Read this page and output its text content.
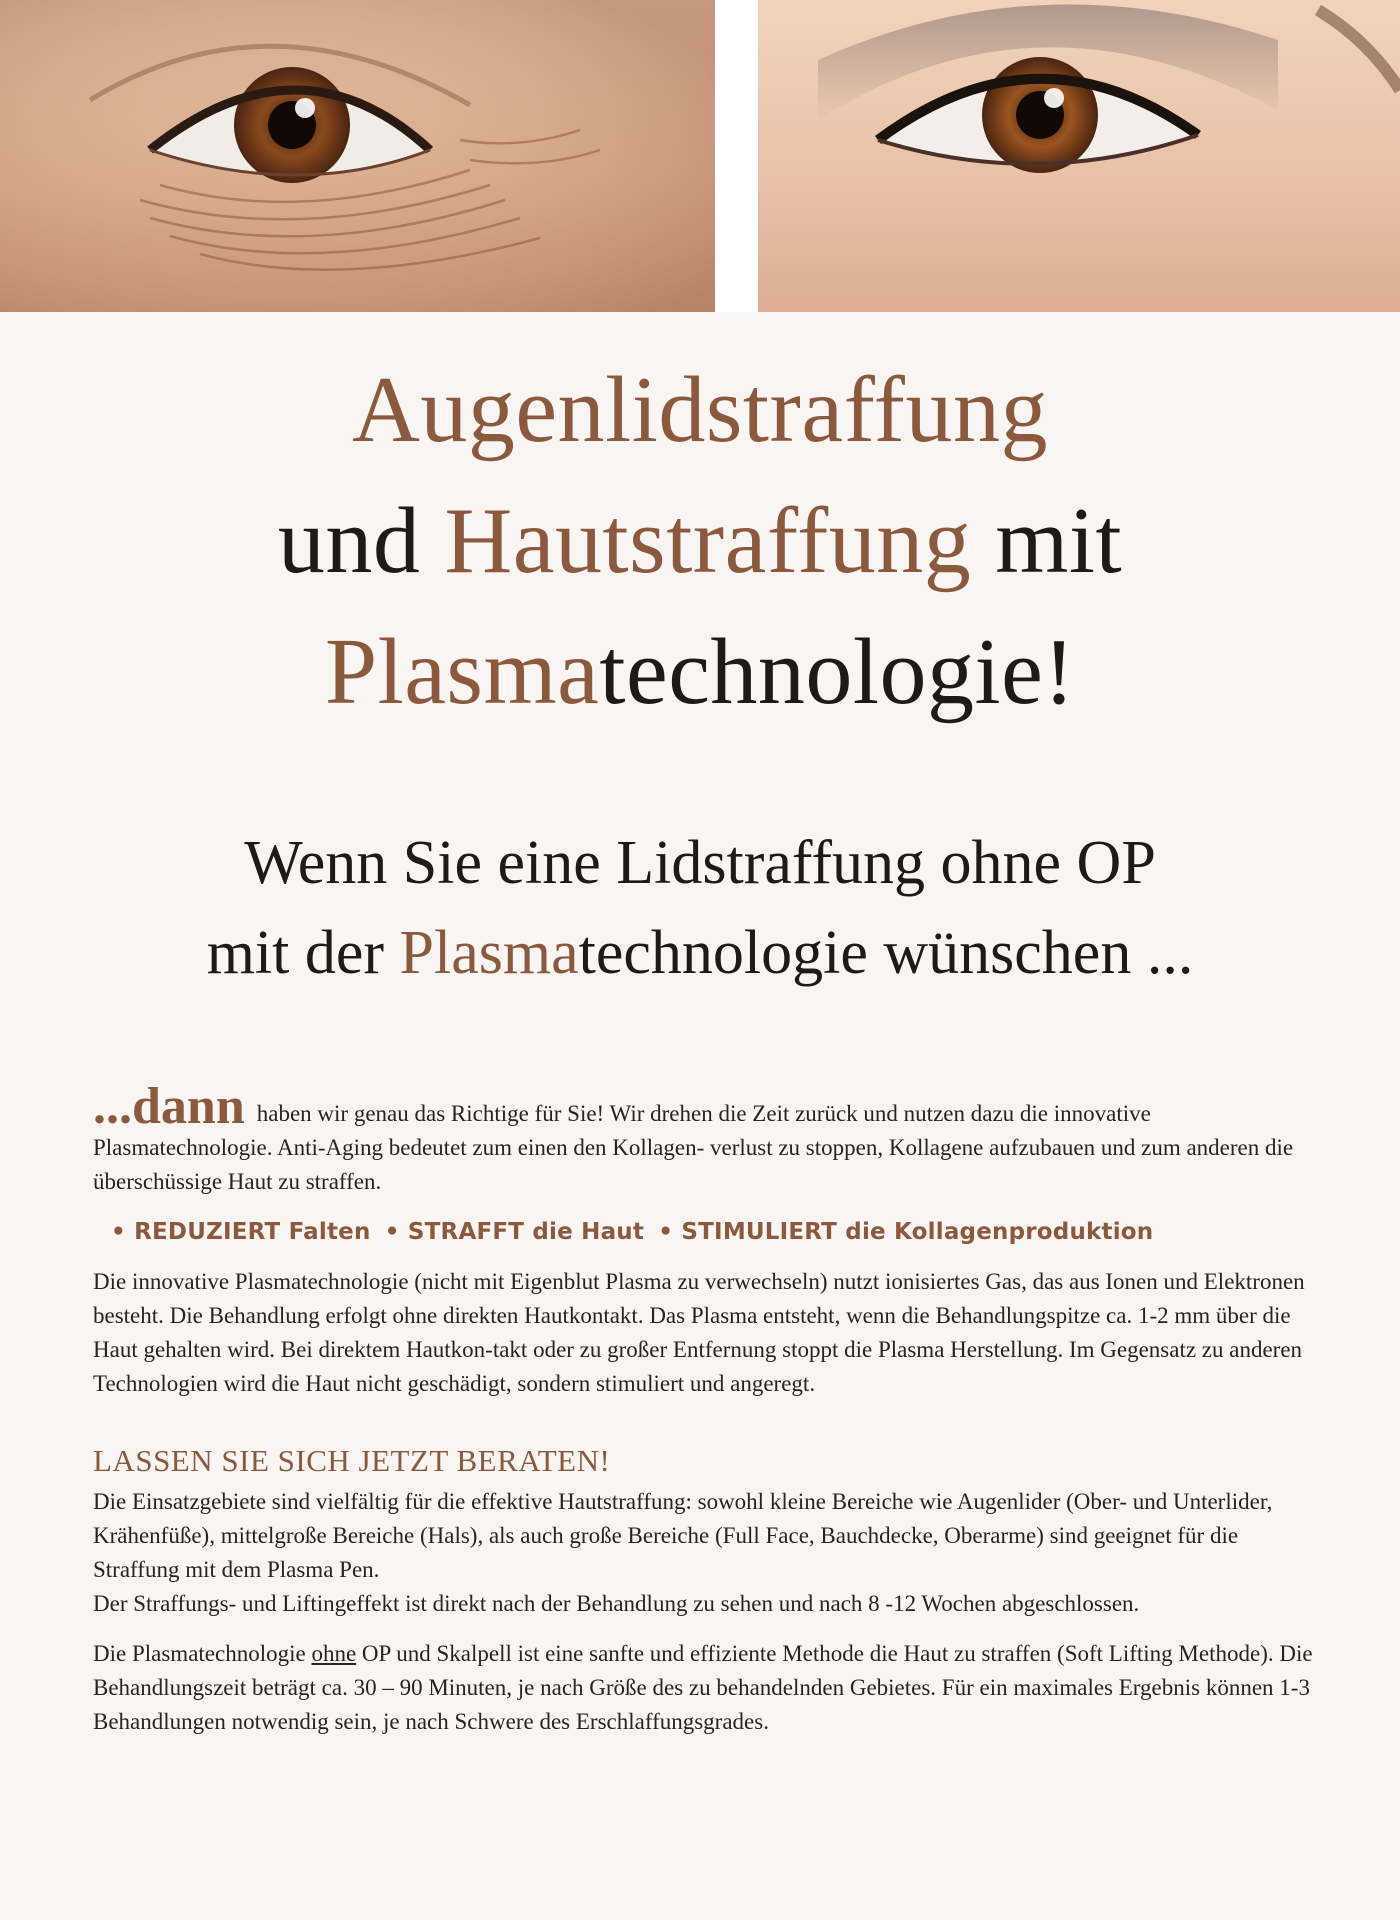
Augenlidstraffung
und Hautstraffung mit
Plasmatechnologie!
Wenn Sie eine Lidstraffung ohne OP
mit der Plasmatechnologie wünschen ...

...dann haben wir genau das Richtige für Sie! Wir drehen die Zeit zurück und nutzen dazu die innovative Plasmatechnologie. Anti-Aging bedeutet zum einen den Kollagen- verlust zu stoppen, Kollagene aufzubauen und zum anderen die überschüssige Haut zu straffen.

• REDUZIERT Falten • STRAFFT die Haut • STIMULIERT die Kollagenproduktion

Die innovative Plasmatechnologie (nicht mit Eigenblut Plasma zu verwechseln) nutzt ionisiertes Gas, das aus Ionen und Elektronen besteht. Die Behandlung erfolgt ohne direkten Hautkontakt. Das Plasma entsteht, wenn die Behandlungspitze ca. 1-2 mm über die Haut gehalten wird. Bei direktem Hautkon-takt oder zu großer Entfernung stoppt die Plasma Herstellung. Im Gegensatz zu anderen Technologien wird die Haut nicht geschädigt, sondern stimuliert und angeregt.

LASSEN SIE SICH JETZT BERATEN!

Die Einsatzgebiete sind vielfältig für die effektive Hautstraffung: sowohl kleine Bereiche wie Augenlider (Ober- und Unterlider, Krähenfüße), mittelgroße Bereiche (Hals), als auch große Bereiche (Full Face, Bauchdecke, Oberarme) sind geeignet für die Straffung mit dem Plasma Pen.

Der Straffungs- und Liftingeffekt ist direkt nach der Behandlung zu sehen und nach 8 -12 Wochen abgeschlossen.

Die Plasmatechnologie ohne OP und Skalpell ist eine sanfte und effiziente Methode die Haut zu straffen (Soft Lifting Methode). Die Behandlungszeit beträgt ca. 30 – 90 Minuten, je nach Größe des zu behandelnden Gebietes. Für ein maximales Ergebnis können 1-3 Behandlungen notwendig sein, je nach Schwere des Erschlaffungsgrades.
